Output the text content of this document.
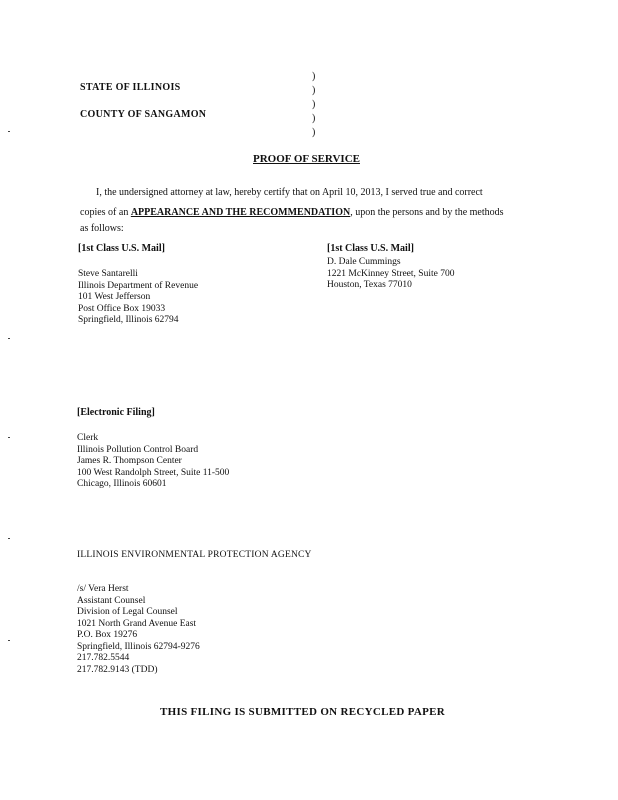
STATE OF ILLINOIS
COUNTY OF SANGAMON
)
)
)
)
)
PROOF OF SERVICE
I, the undersigned attorney at law, hereby certify that on April 10, 2013, I served true and correct
copies of an APPEARANCE AND THE RECOMMENDATION, upon the persons and by the methods
as follows:
[1st Class U.S. Mail]
Steve Santarelli
Illinois Department of Revenue
101 West Jefferson
Post Office Box 19033
Springfield, Illinois 62794
[1st Class U.S. Mail]
D. Dale Cummings
1221 McKinney Street, Suite 700
Houston, Texas 77010
[Electronic Filing]
Clerk
Illinois Pollution Control Board
James R. Thompson Center
100 West Randolph Street, Suite 11-500
Chicago, Illinois 60601
ILLINOIS ENVIRONMENTAL PROTECTION AGENCY
/s/ Vera Herst
Assistant Counsel
Division of Legal Counsel
1021 North Grand Avenue East
P.O. Box 19276
Springfield, Illinois 62794-9276
217.782.5544
217.782.9143 (TDD)
THIS FILING IS SUBMITTED ON RECYCLED PAPER
